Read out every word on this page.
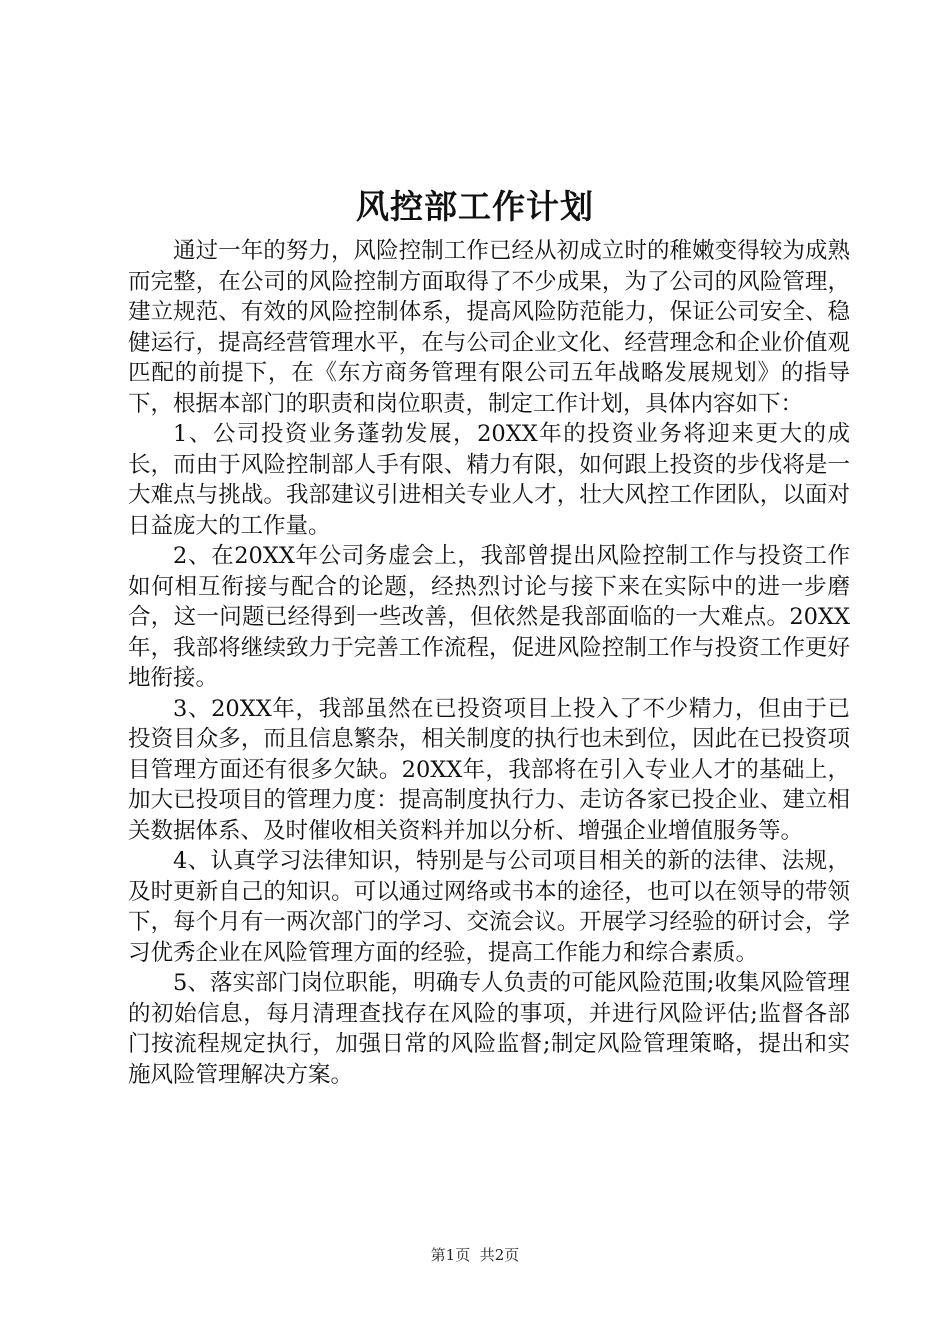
风控部工作计划

通过一年的努力，风险控制工作已经从初成立时的稚嫩变得较为成熟而完整，在公司的风险控制方面取得了不少成果，为了公司的风险管理，建立规范、有效的风险控制体系，提高风险防范能力，保证公司安全、稳健运行，提高经营管理水平，在与公司企业文化、经营理念和企业价值观匹配的前提下，在《东方商务管理有限公司五年战略发展规划》的指导下，根据本部门的职责和岗位职责，制定工作计划，具体内容如下：

1、公司投资业务蓬勃发展，20XX年的投资业务将迎来更大的成长，而由于风险控制部人手有限、精力有限，如何跟上投资的步伐将是一大难点与挑战。我部建议引进相关专业人才，壮大风控工作团队，以面对日益庞大的工作量。

2、在20XX年公司务虚会上，我部曾提出风险控制工作与投资工作如何相互衔接与配合的论题，经热烈讨论与接下来在实际中的进一步磨合，这一问题已经得到一些改善，但依然是我部面临的一大难点。20XX年，我部将继续致力于完善工作流程，促进风险控制工作与投资工作更好地衔接。

3、20XX年，我部虽然在已投资项目上投入了不少精力，但由于已投资目众多，而且信息繁杂，相关制度的执行也未到位，因此在已投资项目管理方面还有很多欠缺。20XX年，我部将在引入专业人才的基础上，加大已投项目的管理力度：提高制度执行力、走访各家已投企业、建立相关数据体系、及时催收相关资料并加以分析、增强企业增值服务等。

4、认真学习法律知识，特别是与公司项目相关的新的法律、法规，及时更新自己的知识。可以通过网络或书本的途径，也可以在领导的带领下，每个月有一两次部门的学习、交流会议。开展学习经验的研讨会，学习优秀企业在风险管理方面的经验，提高工作能力和综合素质。

5、落实部门岗位职能，明确专人负责的可能风险范围;收集风险管理的初始信息，每月清理查找存在风险的事项，并进行风险评估;监督各部门按流程规定执行，加强日常的风险监督;制定风险管理策略，提出和实施风险管理解决方案。

第1页 共2页
